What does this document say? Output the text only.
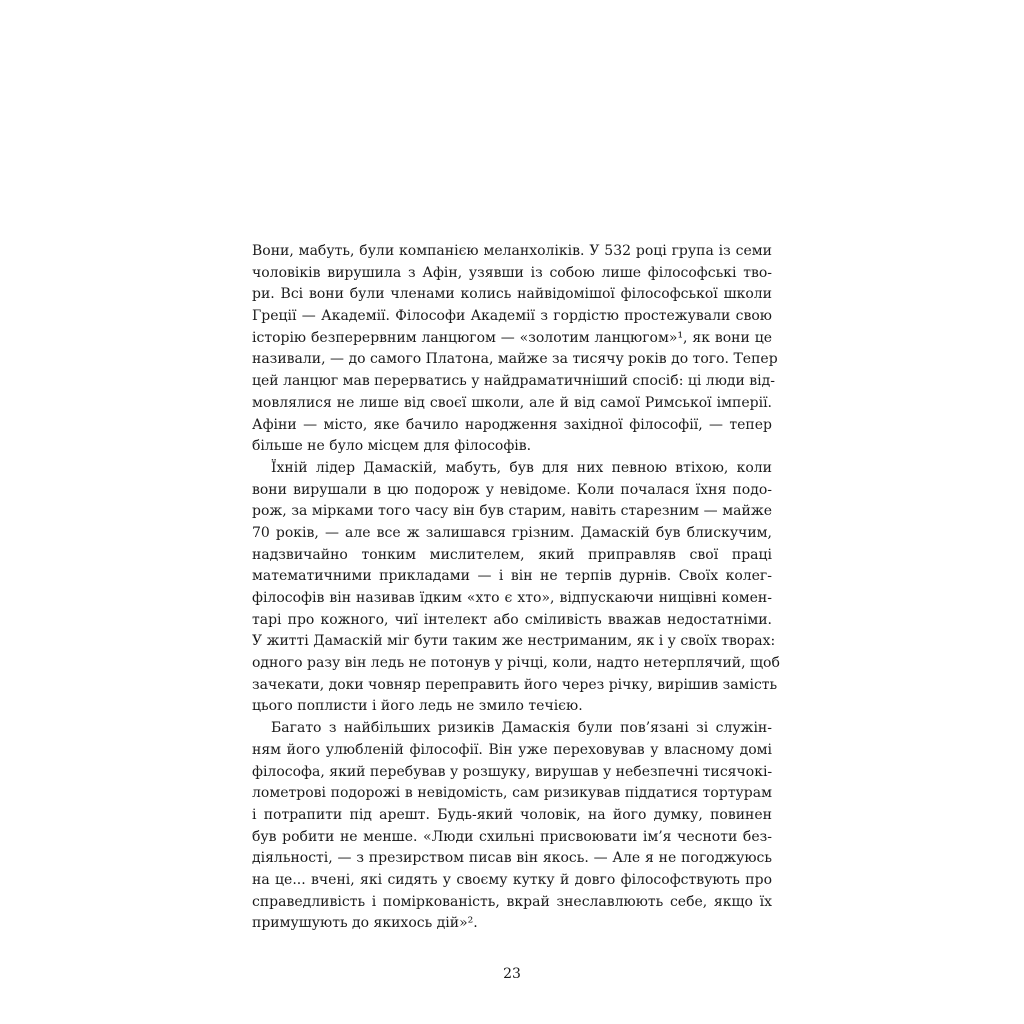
Вони, мабуть, були компанією меланхоліків. У 532 році група із семи
чоловіків вирушила з Афін, узявши із собою лише філософські тво-
ри. Всі вони були членами колись найвідомішої філософської школи
Греції — Академії. Філософи Академії з гордістю простежували свою
історію безперервним ланцюгом — «золотим ланцюгом»¹, як вони це
називали, — до самого Платона, майже за тисячу років до того. Тепер
цей ланцюг мав перерватись у найдраматичніший спосіб: ці люди від-
мовлялися не лише від своєї школи, але й від самої Римської імперії.
Афіни — місто, яке бачило народження західної філософії, — тепер
більше не було місцем для філософів.
Їхній лідер Дамаскій, мабуть, був для них певною втіхою, коли
вони вирушали в цю подорож у невідоме. Коли почалася їхня подо-
рож, за мірками того часу він був старим, навіть старезним — майже
70 років, — але все ж залишався грізним. Дамаскій був блискучим,
надзвичайно тонким мислителем, який приправляв свої праці
математичними прикладами — і він не терпів дурнів. Своїх колег-
філософів він називав їдким «хто є хто», відпускаючи нищівні комен-
тарі про кожного, чиї інтелект або сміливість вважав недостатніми.
У житті Дамаскій міг бути таким же нестриманим, як і у своїх творах:
одного разу він ледь не потонув у річці, коли, надто нетерплячий, щоб
зачекати, доки човняр переправить його через річку, вирішив замість
цього поплисти і його ледь не змило течією.
Багато з найбільших ризиків Дамаскія були пов’язані зі служін-
ням його улюбленій філософії. Він уже переховував у власному домі
філософа, який перебував у розшуку, вирушав у небезпечні тисячокі-
лометрові подорожі в невідомість, сам ризикував піддатися тортурам
і потрапити під арешт. Будь-який чоловік, на його думку, повинен
був робити не менше. «Люди схильні присвоювати ім’я чесноти без-
діяльності, — з презирством писав він якось. — Але я не погоджуюсь
на це... вчені, які сидять у своєму кутку й довго філософствують про
справедливість і поміркованість, вкрай знеславлюють себе, якщо їх
примушують до якихось дій»².
23
